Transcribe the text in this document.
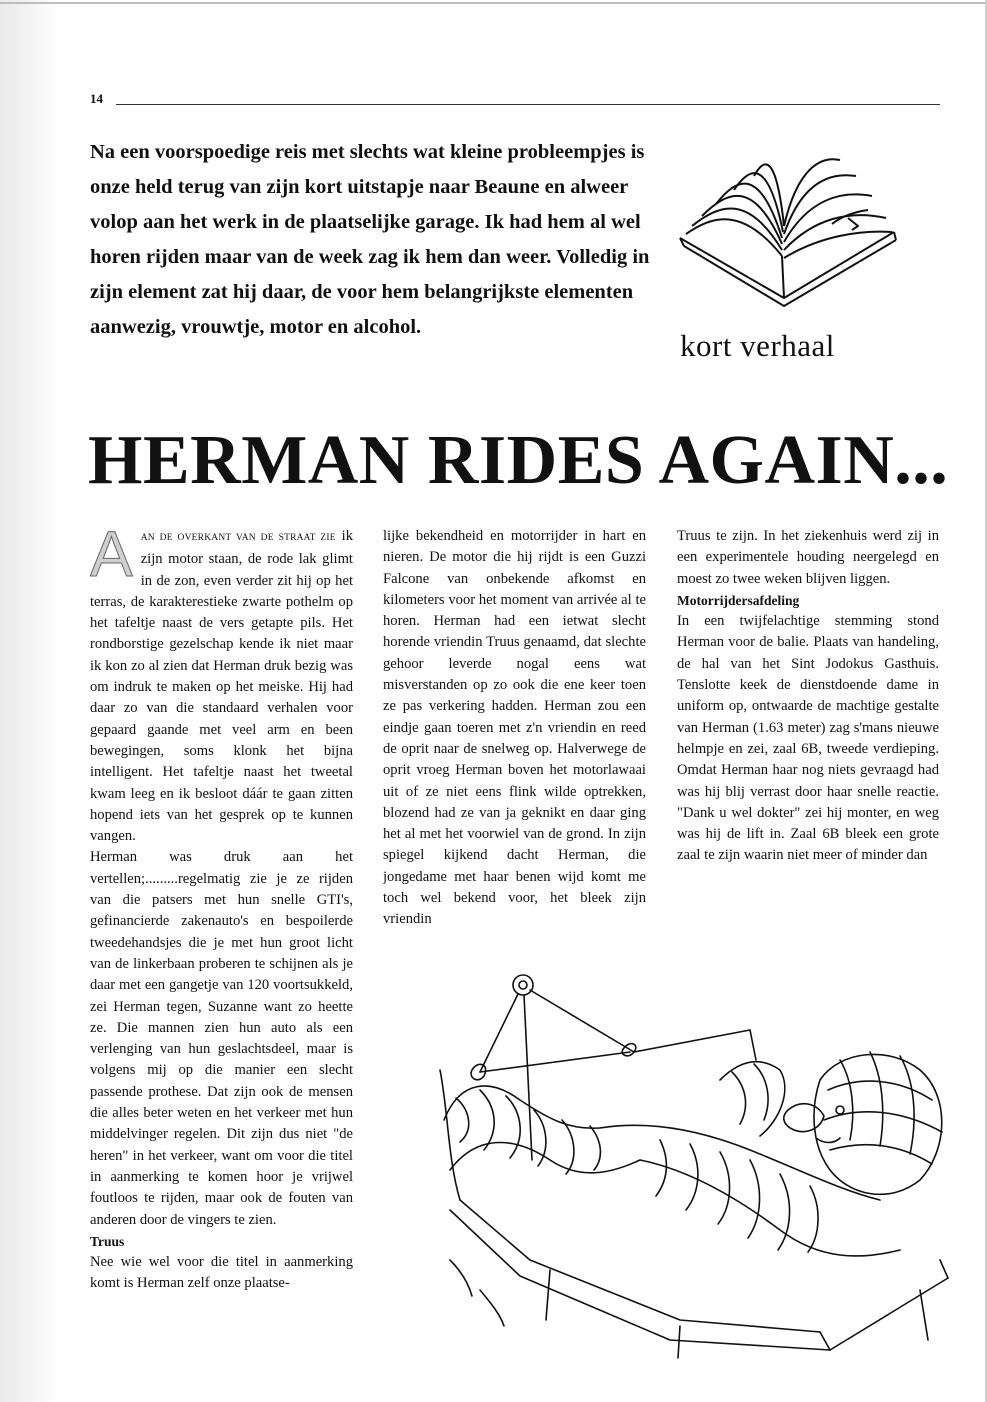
14
Na een voorspoedige reis met slechts wat kleine probleempjes is onze held terug van zijn kort uitstapje naar Beaune en alweer volop aan het werk in de plaatselijke garage. Ik had hem al wel horen rijden maar van de week zag ik hem dan weer. Volledig in zijn element zat hij daar, de voor hem belangrijkste elementen aanwezig, vrouwtje, motor en alcohol.
kort verhaal
HERMAN RIDES AGAIN...
A AN DE OVERKANT VAN DE STRAAT ZIE ik zijn motor staan, de rode lak glimt in de zon, even verder zit hij op het terras, de karakterestieke zwarte pothelm op het tafeltje naast de vers getapte pils. Het rondborstige gezelschap kende ik niet maar ik kon zo al zien dat Herman druk bezig was om indruk te maken op het meiske. Hij had daar zo van die standaard verhalen voor gepaard gaande met veel arm en been bewegingen, soms klonk het bijna intelligent. Het tafeltje naast het tweetal kwam leeg en ik besloot dáár te gaan zitten hopend iets van het gesprek op te kunnen vangen.

Herman was druk aan het vertellen;.........regelmatig zie je ze rijden van die patsers met hun snelle GTI's, gefinancierde zakenauto's en bespoilerde tweedehandsjes die je met hun groot licht van de linkerbaan proberen te schijnen als je daar met een gangetje van 120 voortsukkeld, zei Herman tegen, Suzanne want zo heette ze. Die mannen zien hun auto als een verlenging van hun geslachtsdeel, maar is volgens mij op die manier een slecht passende prothese. Dat zijn ook de mensen die alles beter weten en het verkeer met hun middelvinger regelen. Dit zijn dus niet "de heren" in het verkeer, want om voor die titel in aanmerking te komen hoor je vrijwel foutloos te rijden, maar ook de fouten van anderen door de vingers te zien.

Truus

Nee wie wel voor die titel in aanmerking komt is Herman zelf onze plaatse-

lijke bekendheid en motorrijder in hart en nieren. De motor die hij rijdt is een Guzzi Falcone van onbekende afkomst en kilometers voor het moment van arrivée al te horen. Herman had een ietwat slecht horende vriendin Truus genaamd, dat slechte gehoor leverde nogal eens wat misverstanden op zo ook die ene keer toen ze pas verkering hadden. Herman zou een eindje gaan toeren met z'n vriendin en reed de oprit naar de snelweg op. Halverwege de oprit vroeg Herman boven het motorlawaai uit of ze niet eens flink wilde optrekken, blozend had ze van ja geknikt en daar ging het al met het voorwiel van de grond. In zijn spiegel kijkend dacht Herman, die jongedame met haar benen wijd komt me toch wel bekend voor, het bleek zijn vriendin

Truus te zijn. In het ziekenhuis werd zij in een experimentele houding neergelegd en moest zo twee weken blijven liggen.

Motorrijdersafdeling

In een twijfelachtige stemming stond Herman voor de balie. Plaats van handeling, de hal van het Sint Jodokus Gasthuis. Tenslotte keek de dienstdoende dame in uniform op, ontwaarde de machtige gestalte van Herman (1.63 meter) zag s'mans nieuwe helmpje en zei, zaal 6B, tweede verdieping. Omdat Herman haar nog niets gevraagd had was hij blij verrast door haar snelle reactie. "Dank u wel dokter" zei hij monter, en weg was hij de lift in. Zaal 6B bleek een grote zaal te zijn waarin niet meer of minder dan
